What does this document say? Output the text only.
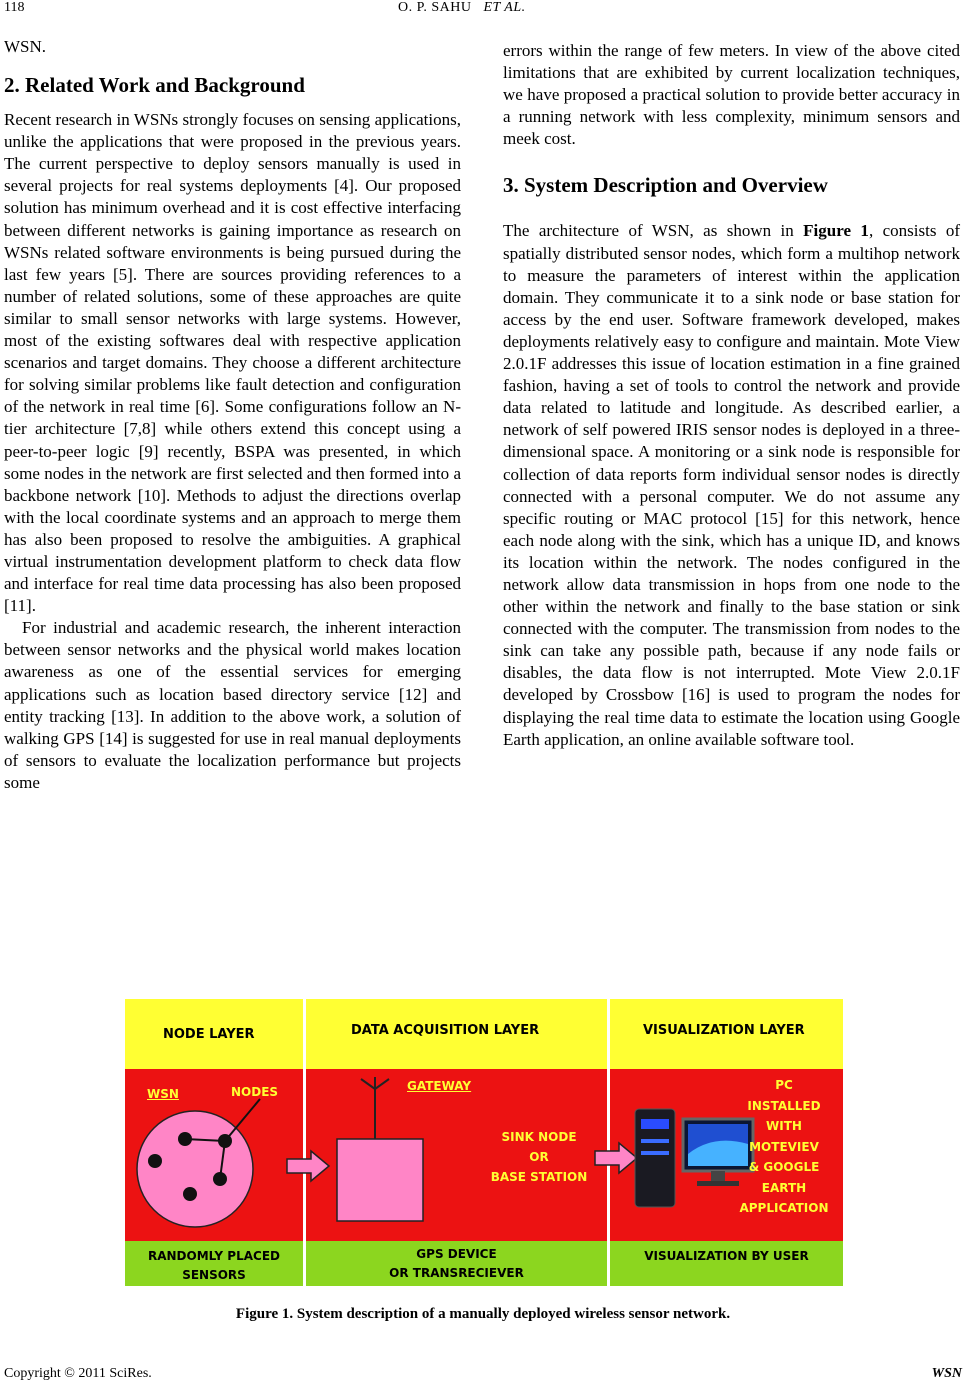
118	O. P. SAHU ET AL.

WSN.

2. Related Work and Background

Recent research in WSNs strongly focuses on sensing applications, unlike the applications that were proposed in the previous years. The current perspective to deploy sensors manually is used in several projects for real systems deployments [4]. Our proposed solution has minimum overhead and it is cost effective interfacing between different networks is gaining importance as research on WSNs related software environments is being pursued during the last few years [5]. There are sources providing references to a number of related solutions, some of these approaches are quite similar to small sensor networks with large systems. However, most of the existing softwares deal with respective application scenarios and target domains. They choose a different architecture for solving similar problems like fault detection and configuration of the network in real time [6]. Some configurations follow an N-tier architecture [7,8] while others extend this concept using a peer-to-peer logic [9] recently, BSPA was presented, in which some nodes in the network are first selected and then formed into a backbone network [10]. Methods to adjust the directions overlap with the local coordinate systems and an approach to merge them has also been proposed to resolve the ambiguities. A graphical virtual instrumentation development platform to check data flow and interface for real time data processing has also been proposed [11].

For industrial and academic research, the inherent interaction between sensor networks and the physical world makes location awareness as one of the essential services for emerging applications such as location based directory service [12] and entity tracking [13]. In addition to the above work, a solution of walking GPS [14] is suggested for use in real manual deployments of sensors to evaluate the localization performance but projects some

errors within the range of few meters. In view of the above cited limitations that are exhibited by current localization techniques, we have proposed a practical solution to provide better accuracy in a running network with less complexity, minimum sensors and meek cost.

3. System Description and Overview

The architecture of WSN, as shown in Figure 1, consists of spatially distributed sensor nodes, which form a multihop network to measure the parameters of interest within the application domain. They communicate it to a sink node or base station for access by the end user. Software framework developed, makes deployments relatively easy to configure and maintain. Mote View 2.0.1F addresses this issue of location estimation in a fine grained fashion, having a set of tools to control the network and provide data related to latitude and longitude. As described earlier, a network of self powered IRIS sensor nodes is deployed in a three-dimensional space. A monitoring or a sink node is responsible for collection of data reports form individual sensor nodes is directly connected with a personal computer. We do not assume any specific routing or MAC protocol [15] for this network, hence each node along with the sink, which has a unique ID, and knows its location within the network. The nodes configured in the network allow data transmission in hops from one node to the other within the network and finally to the base station or sink connected with the computer. The transmission from nodes to the sink can take any possible path, because if any node fails or disables, the data flow is not interrupted. Mote View 2.0.1F developed by Crossbow [16] is used to program the nodes for displaying the real time data to estimate the location using Google Earth application, an online available software tool.

NODE LAYER	DATA ACQUISITION LAYER	VISUALIZATION LAYER
WSN	NODES	GATEWAY
SINK NODE
OR
BASE STATION
PC
INSTALLED
WITH
MOTEVIEV
& GOOGLE
EARTH
APPLICATION
RANDOMLY PLACED
SENSORS
GPS DEVICE
OR TRANSRECIEVER
VISUALIZATION BY USER
Figure 1. System description of a manually deployed wireless sensor network.
Copyright © 2011 SciRes.	WSN
